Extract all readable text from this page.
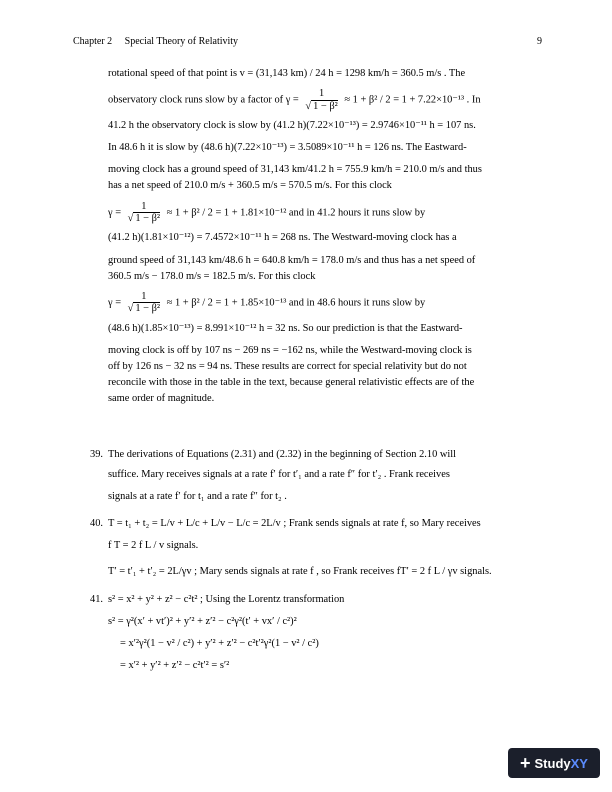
Chapter 2 Special Theory of Relativity	9
rotational speed of that point is v = (31,143 km) / 24 h = 1298 km/h = 360.5 m/s . The
observatory clock runs slow by a factor of $\gamma = \frac{1}{\text{√ 1 − β²}} \approx 1 + \beta^2 / 2 = 1 + 7.22\times 10^{-13}$ . In
41.2 h the observatory clock is slow by (41.2 h)(7.22×10⁻¹³) = 2.9746×10⁻¹¹ h = 107 ns.
In 48.6 h it is slow by (48.6 h)(7.22×10⁻¹³) = 3.5089×10⁻¹¹ h = 126 ns. The Eastward-
moving clock has a ground speed of 31,143 km/41.2 h = 755.9 km/h = 210.0 m/s and thus
has a net speed of 210.0 m/s + 360.5 m/s = 570.5 m/s. For this clock
$\gamma = \frac{1}{\text{√ 1 − β²}} \approx 1 + \beta^2 / 2 = 1 + 1.81\times 10^{-12}$ and in 41.2 hours it runs slow by
(41.2 h)(1.81×10⁻¹²) = 7.4572×10⁻¹¹ h = 268 ns. The Westward-moving clock has a
ground speed of 31,143 km/48.6 h = 640.8 km/h = 178.0 m/s and thus has a net speed of
360.5 m/s − 178.0 m/s = 182.5 m/s. For this clock
$\gamma = \frac{1}{\text{√ 1 − β²}} \approx 1 + \beta^2 / 2 = 1 + 1.85\times 10^{-13}$ and in 48.6 hours it runs slow by
(48.6 h)(1.85×10⁻¹³) = 8.991×10⁻¹² h = 32 ns. So our prediction is that the Eastward-
moving clock is off by 107 ns − 269 ns = −162 ns, while the Westward-moving clock is
off by 126 ns − 32 ns = 94 ns. These results are correct for special relativity but do not
reconcile with those in the table in the text, because general relativistic effects are of the
same order of magnitude.
39. The derivations of Equations (2.31) and (2.32) in the beginning of Section 2.10 will
suffice. Mary receives signals at a rate f′ for t′₁ and a rate f″ for t′₂ . Frank receives
signals at a rate f′ for t₁ and a rate f″ for t₂ .
40. T = t₁ + t₂ = L/v + L/c + L/v − L/c = 2L/v ; Frank sends signals at rate f, so Mary receives
f T = 2 f L / v signals.
T′ = t′₁ + t′₂ = 2L/γv ; Mary sends signals at rate f , so Frank receives fT′ = 2 f L / γv signals.
41. s² = x² + y² + z² − c²t² ; Using the Lorentz transformation
s² = γ²(x′ + vt′)² + y′² + z′² − c²γ²(t′ + vx′ / c²)²
= x′²γ²(1 − v² / c²) + y′² + z′² − c²t′²γ²(1 − v² / c²)
= x′² + y′² + z′² − c²t′² = s′²
+ Study XY
